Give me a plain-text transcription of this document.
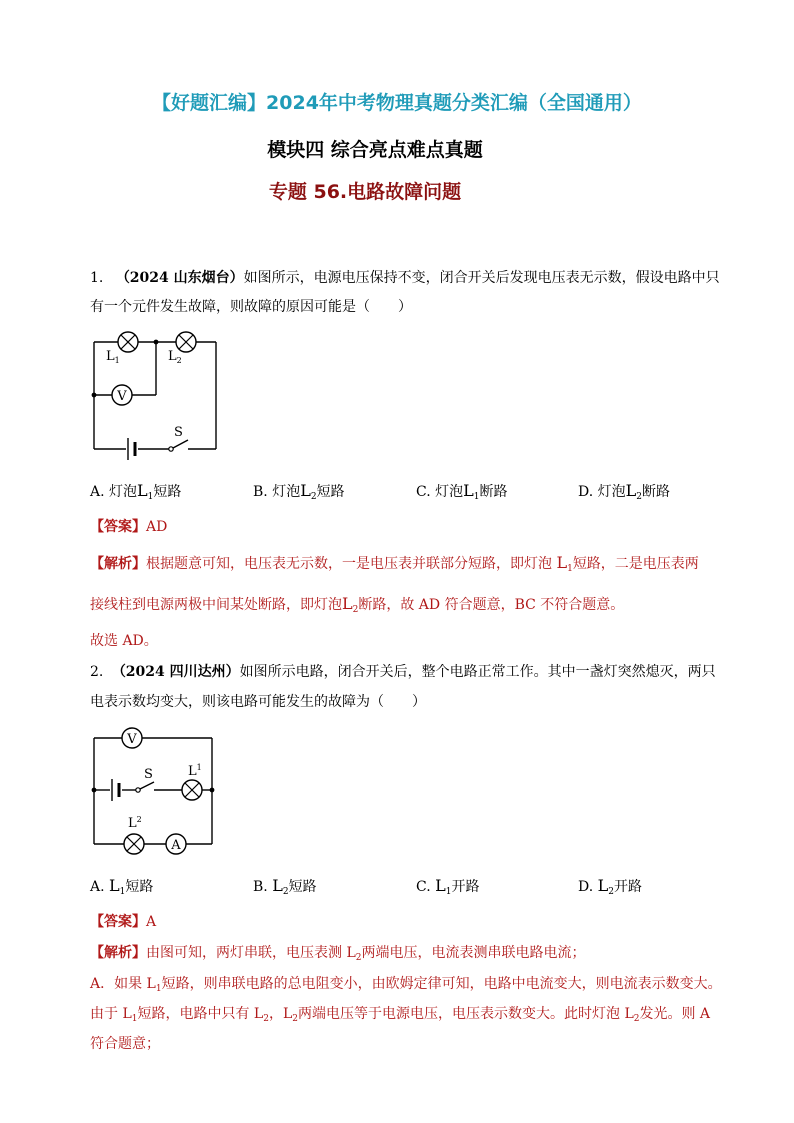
【好题汇编】2024年中考物理真题分类汇编（全国通用）
模块四 综合亮点难点真题
专题 56.电路故障问题
1. （2024 山东烟台）如图所示，电源电压保持不变，闭合开关后发现电压表无示数，假设电路中只
有一个元件发生故障，则故障的原因可能是（　　）
V
$L_1$	$L_2$
S
A. 灯泡$L_1$短路	B. 灯泡$L_2$短路	C. 灯泡$L_1$断路	D. 灯泡$L_2$断路
【答案】AD
【解析】根据题意可知，电压表无示数，一是电压表并联部分短路，即灯泡 $L_1$短路，二是电压表两
接线柱到电源两极中间某处断路，即灯泡$L_2$断路，故 AD 符合题意，BC 不符合题意。
故选 AD。
2. （2024 四川达州）如图所示电路，闭合开关后，整个电路正常工作。其中一盏灯突然熄灭，两只
电表示数均变大，则该电路可能发生的故障为（　　）
V
A
S	$L^1$
$L^2$
A. $L_1$短路	B. $L_2$短路	C. $L_1$开路	D. $L_2$开路
【答案】A
【解析】由图可知，两灯串联，电压表测 $L_2$两端电压，电流表测串联电路电流；
A．如果 $L_1$短路，则串联电路的总电阻变小，由欧姆定律可知，电路中电流变大，则电流表示数变大。
由于 $L_1$短路，电路中只有 $L_2$，$L_2$两端电压等于电源电压，电压表示数变大。此时灯泡 $L_2$发光。则 A
符合题意；
